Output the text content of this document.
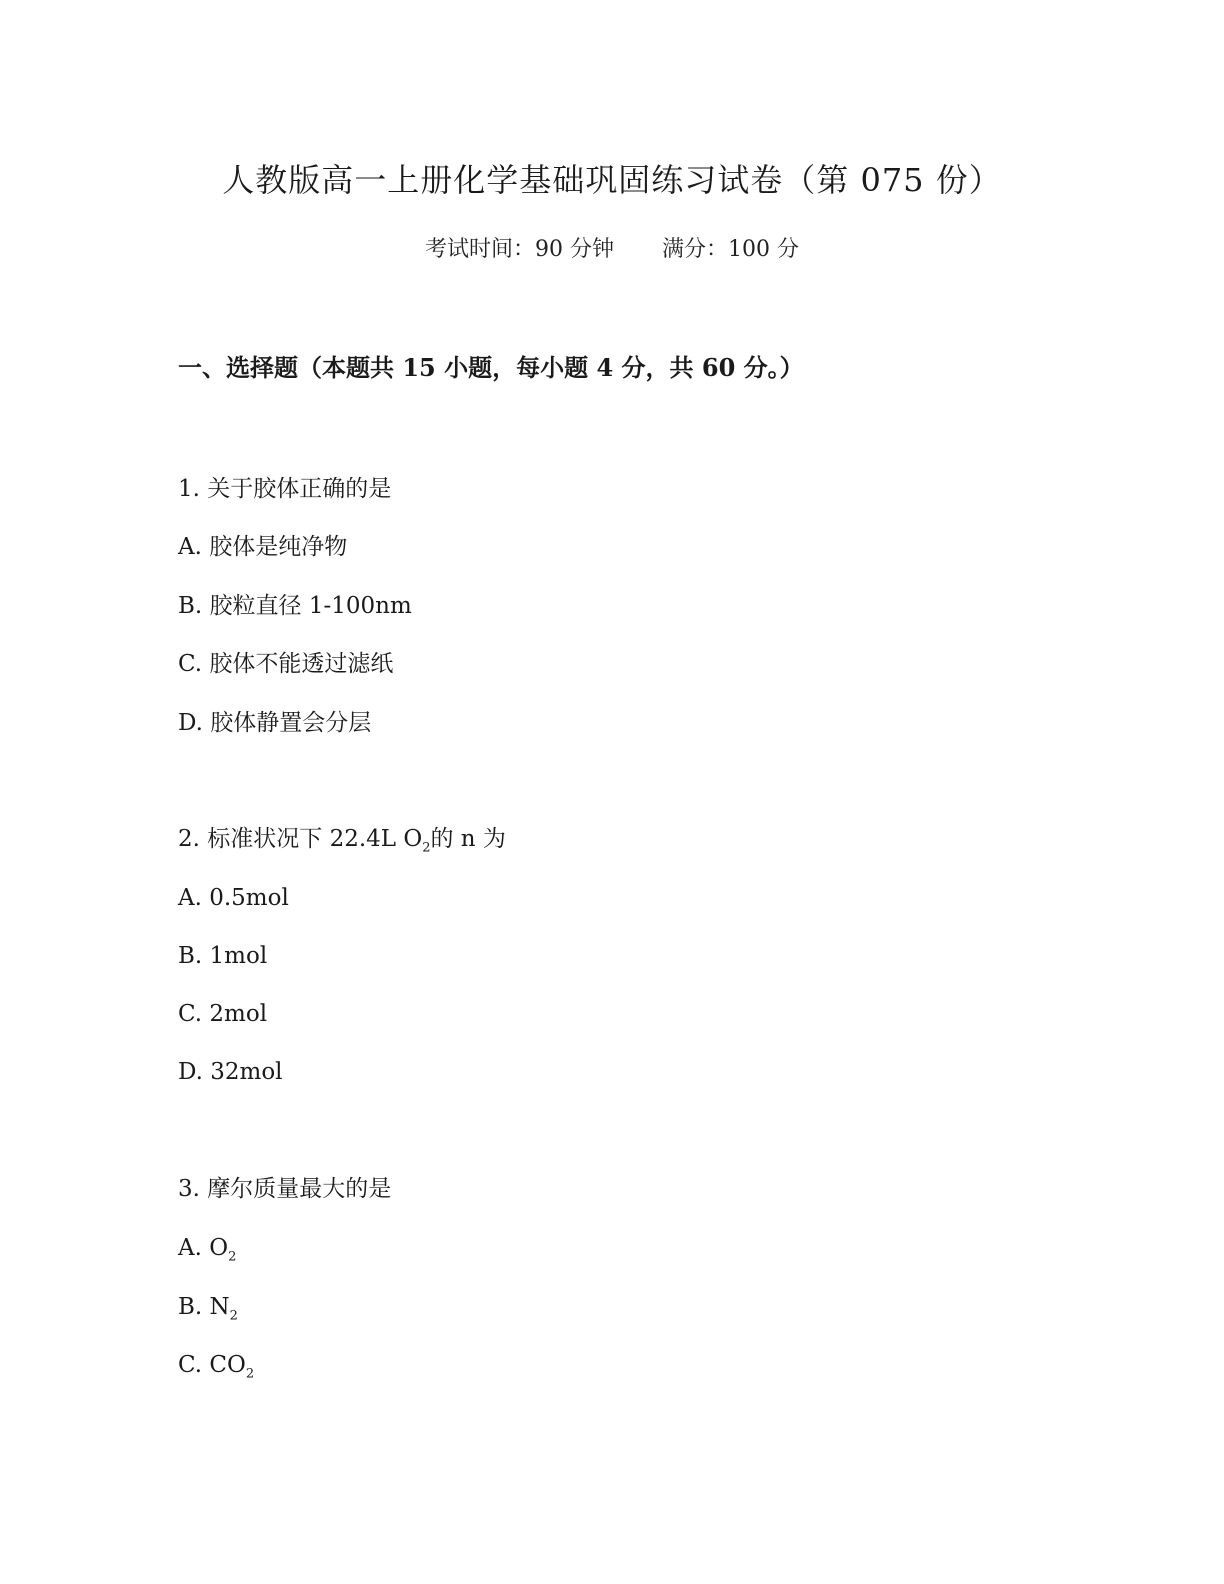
人教版高一上册化学基础巩固练习试卷（第 075 份）
考试时间：90 分钟 满分：100 分
一、选择题（本题共 15 小题，每小题 4 分，共 60 分。）
1. 关于胶体正确的是
A. 胶体是纯净物
B. 胶粒直径 1-100nm
C. 胶体不能透过滤纸
D. 胶体静置会分层
2. 标准状况下 22.4L $O_2$的 n 为
A. 0.5mol
B. 1mol
C. 2mol
D. 32mol
3. 摩尔质量最大的是
A. $O_2$
B. $N_2$
C. $CO_2$
